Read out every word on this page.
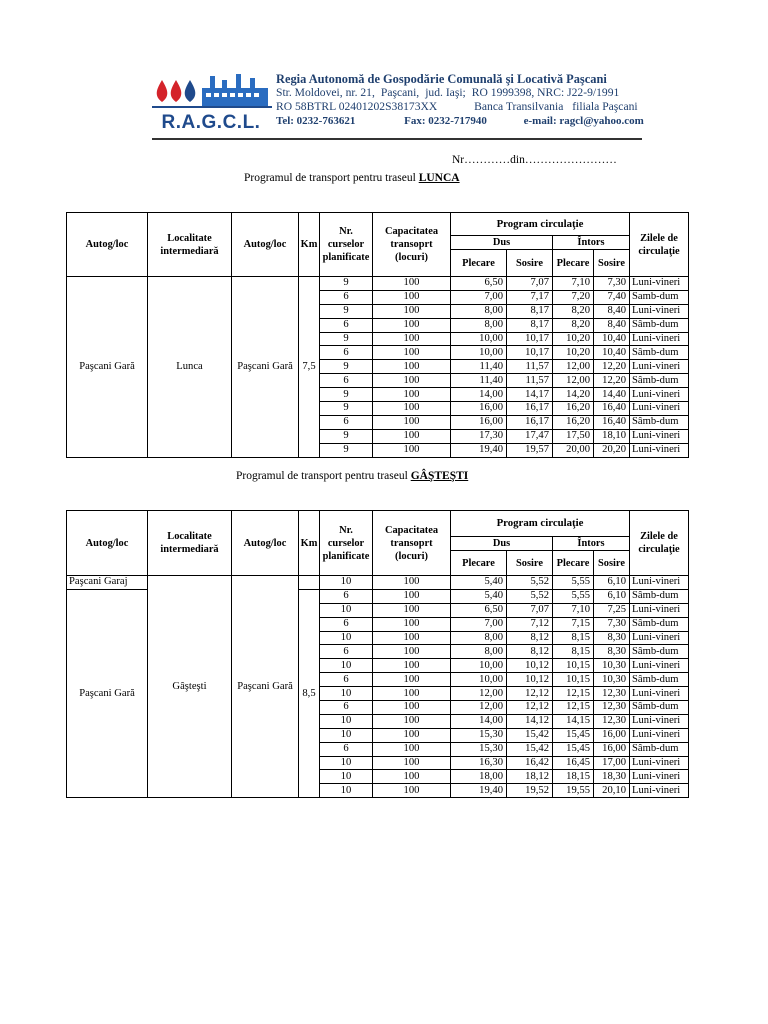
R.A.G.C.L.
Regia Autonomă de Gospodărie Comunală şi Locativă Paşcani
Str. Moldovei, nr. 21, Paşcani, jud. Iaşi; RO 1999398, NRC: J22-9/1991
RO 58BTRL 02401202S38173XX	Banca Transilvania filiala Paşcani
Tel: 0232-763621	Fax: 0232-717940	e-mail: ragcl@yahoo.com
Nr…………din……………………
Programul de transport pentru traseul LUNCA
Autog/loc	Localitate intermediară	Autog/loc	Km	Nr. curselor planificate	Capacitatea transoprt (locuri)	Program circulaţie				Zilele de circulaţie
						Dus		Întors		
						Plecare	Sosire	Plecare	Sosire	
Paşcani Gară	Lunca	Paşcani Gară	7,5	9	100	6,50	7,07	7,10	7,30	Luni-vineri
				6	100	7,00	7,17	7,20	7,40	Samb-dum
				9	100	8,00	8,17	8,20	8,40	Luni-vineri
				6	100	8,00	8,17	8,20	8,40	Sâmb-dum
				9	100	10,00	10,17	10,20	10,40	Luni-vineri
				6	100	10,00	10,17	10,20	10,40	Sâmb-dum
				9	100	11,40	11,57	12,00	12,20	Luni-vineri
				6	100	11,40	11,57	12,00	12,20	Sâmb-dum
				9	100	14,00	14,17	14,20	14,40	Luni-vineri
				9	100	16,00	16,17	16,20	16,40	Luni-vineri
				6	100	16,00	16,17	16,20	16,40	Sâmb-dum
				9	100	17,30	17,47	17,50	18,10	Luni-vineri
				9	100	19,40	19,57	20,00	20,20	Luni-vineri
Programul de transport pentru traseul GÂŞTEŞTI
Autog/loc	Localitate intermediară	Autog/loc	Km	Nr. curselor planificate	Capacitatea transoprt (locuri)	Program circulaţie				Zilele de circulaţie
						Dus		Întors		
						Plecare	Sosire	Plecare	Sosire	
Paşcani Garaj	Gâşteşti	Paşcani Gară		10	100	5,40	5,52	5,55	6,10	Luni-vineri
Paşcani Gară			8,5	6	100	5,40	5,52	5,55	6,10	Sâmb-dum
				10	100	6,50	7,07	7,10	7,25	Luni-vineri
				6	100	7,00	7,12	7,15	7,30	Sâmb-dum
				10	100	8,00	8,12	8,15	8,30	Luni-vineri
				6	100	8,00	8,12	8,15	8,30	Sâmb-dum
				10	100	10,00	10,12	10,15	10,30	Luni-vineri
				6	100	10,00	10,12	10,15	10,30	Sâmb-dum
				10	100	12,00	12,12	12,15	12,30	Luni-vineri
				6	100	12,00	12,12	12,15	12,30	Sâmb-dum
				10	100	14,00	14,12	14,15	12,30	Luni-vineri
				10	100	15,30	15,42	15,45	16,00	Luni-vineri
				6	100	15,30	15,42	15,45	16,00	Sâmb-dum
				10	100	16,30	16,42	16,45	17,00	Luni-vineri
				10	100	18,00	18,12	18,15	18,30	Luni-vineri
				10	100	19,40	19,52	19,55	20,10	Luni-vineri
